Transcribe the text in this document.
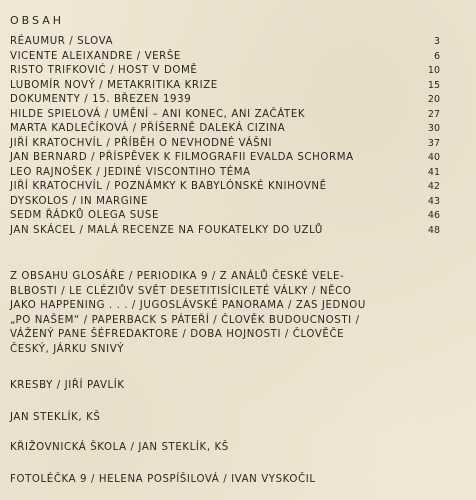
OBSAH
RÉAUMUR / SLOVA	3
VICENTE ALEIXANDRE / VERŠE	6
RISTO TRIFKOVIĆ / HOST V DOMĚ	10
LUBOMÍR NOVÝ / METAKRITIKA KRIZE	15
DOKUMENTY / 15. BŘEZEN 1939	20
HILDE SPIELOVÁ / UMĚNÍ – ANI KONEC, ANI ZAČÁTEK	27
MARTA KADLEČÍKOVÁ / PŘÍŠERNĚ DALEKÁ CIZINA	30
JIŘÍ KRATOCHVÍL / PŘÍBĚH O NEVHODNÉ VÁŠNI	37
JAN BERNARD / PŘÍSPĚVEK K FILMOGRAFII EVALDA SCHORMA	40
LEO RAJNOŠEK / JEDINÉ VISCONTIHO TÉMA	41
JIŘÍ KRATOCHVÍL / POZNÁMKY K BABYLÓNSKÉ KNIHOVNĚ	42
DYSKOLOS / IN MARGINE	43
SEDM ŘÁDKŮ OLEGA SUSE	46
JAN SKÁCEL / MALÁ RECENZE NA FOUKATELKY DO UZLŮ	48
Z OBSAHU GLOSÁŘE / PERIODIKA 9 / Z ANÁLŮ ČESKÉ VELE-
BLBOSTI / LE CLÉZIŮV SVĚT DESETITISÍCILETÉ VÁLKY / NĚCO
JAKO HAPPENING . . . / JUGOSLÁVSKÉ PANORAMA / ZAS JEDNOU
„PO NAŠEM“ / PAPERBACK S PÁTEŘÍ / ČLOVĚK BUDOUCNOSTI /
VÁŽENÝ PANE ŠÉFREDAKTORE / DOBA HOJNOSTI / ČLOVĚČE
ČESKÝ, JÁRKU SNIVÝ
KRESBY / JIŘÍ PAVLÍK
JAN STEKLÍK, KŠ
KŘIŽOVNICKÁ ŠKOLA / JAN STEKLÍK, KŠ
FOTOLÉČKA 9 / HELENA POSPÍŠILOVÁ / IVAN VYSKOČIL
